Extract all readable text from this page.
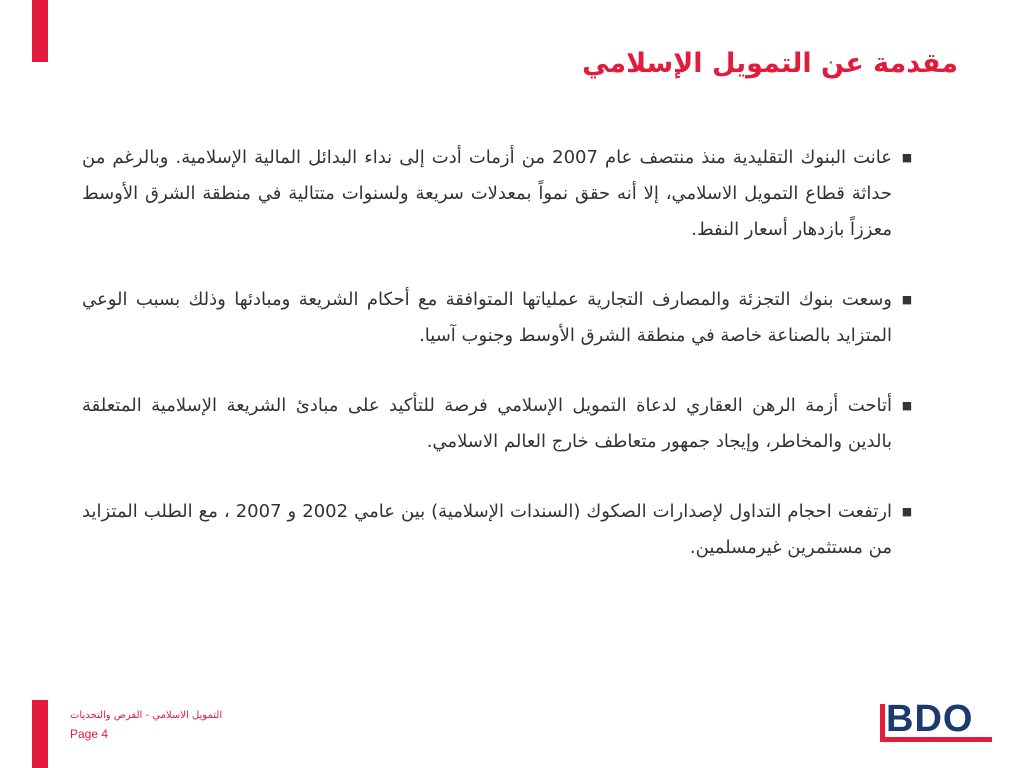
مقدمة عن التمويل الإسلامي
■
عانت البنوك التقليدية منذ منتصف عام 2007 من أزمات أدت إلى نداء البدائل المالية الإسلامية. وبالرغم من حداثة قطاع التمويل الاسلامي، إلا أنه حقق نمواً بمعدلات سريعة ولسنوات متتالية في منطقة الشرق الأوسط معززاً بازدهار أسعار النفط.
■
وسعت بنوك التجزئة والمصارف التجارية عملياتها المتوافقة مع أحكام الشريعة ومبادئها وذلك بسبب الوعي المتزايد بالصناعة خاصة في منطقة الشرق الأوسط وجنوب آسيا.
■
أتاحت أزمة الرهن العقاري لدعاة التمويل الإسلامي فرصة للتأكيد على مبادئ الشريعة الإسلامية المتعلقة بالدين والمخاطر، وإيجاد جمهور متعاطف خارج العالم الاسلامي.
■
ارتفعت احجام التداول لإصدارات الصكوك (السندات الإسلامية) بين عامي 2002 و 2007 ، مع الطلب المتزايد من مستثمرين غيرمسلمين.
التمويل الاسلامي - الفرص والتحديات
Page 4	BDO
